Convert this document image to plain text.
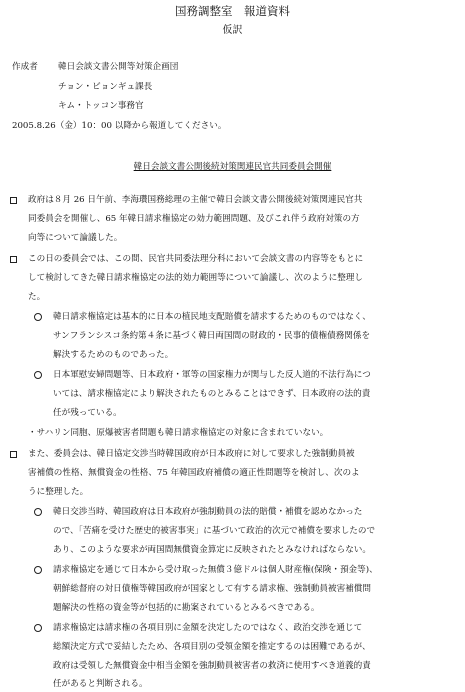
国務調整室　報道資料
仮訳
作成者 韓日会談文書公開等対策企画団
チョン・ビョンギュ課長
キム・トッコン事務官
2005.8.26（金）10：00 以降から報道してください。
韓日会談文書公開後続対策関連民官共同委員会開催
政府は８月 26 日午前、李海瓚国務総理の主催で韓日会談文書公開後続対策関連民官共
同委員会を開催し、65 年韓日請求権協定の効力範囲問題、及びこれ伴う政府対策の方
向等について論議した。
この日の委員会では、この間、民官共同委法理分科において会談文書の内容等をもとに
して検討してきた韓日請求権協定の法的効力範囲等について論議し、次のように整理し
た。
韓日請求権協定は基本的に日本の植民地支配賠償を請求するためのものではなく、
サンフランシスコ条約第４条に基づく韓日両国間の財政的・民事的債権債務関係を
解決するためのものであった。
日本軍慰安婦問題等、日本政府・軍等の国家権力が関与した反人道的不法行為につ
いては、請求権協定により解決されたものとみることはできず、日本政府の法的責
任が残っている。
・サハリン同胞、原爆被害者問題も韓日請求権協定の対象に含まれていない。
また、委員会は、韓日協定交渉当時韓国政府が日本政府に対して要求した強制動員被
害補償の性格、無償資金の性格、75 年韓国政府補償の適正性問題等を検討し、次のよ
うに整理した。
韓日交渉当時、韓国政府は日本政府が強制動員の法的賠償・補償を認めなかった
ので、「苦痛を受けた歴史的被害事実」に基づいて政治的次元で補償を要求したので
あり、このような要求が両国間無償資金算定に反映されたとみなければならない。
請求権協定を通じて日本から受け取った無償３億ドルは個人財産権(保険・預金等)、
朝鮮総督府の対日債権等韓国政府が国家として有する請求権、強制動員被害補償問
題解決の性格の資金等が包括的に勘案されているとみるべきである。
請求権協定は請求権の各項目別に金額を決定したのではなく、政治交渉を通じて
総額決定方式で妥結したため、各項目別の受領金額を推定するのは困難であるが、
政府は受領した無償資金中相当金額を強制動員被害者の救済に使用すべき道義的責
任があると判断される。
